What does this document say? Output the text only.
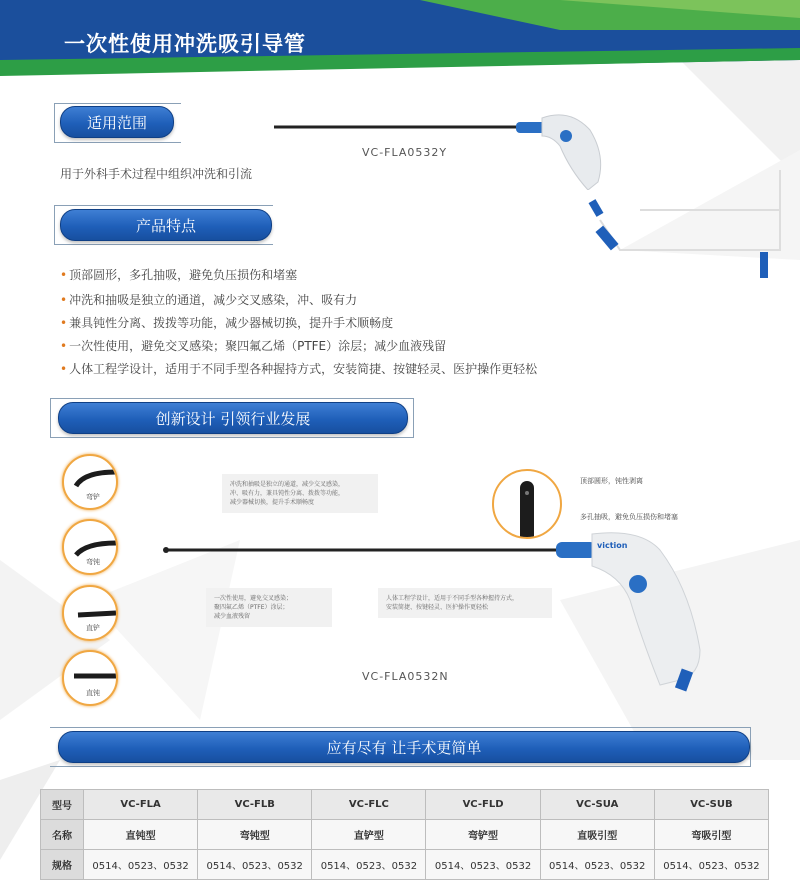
一次性使用冲洗吸引导管
适用范围
用于外科手术过程中组织冲洗和引流
VC-FLA0532Y
产品特点
• 顶部圆形，多孔抽吸，避免负压损伤和堵塞
• 冲洗和抽吸是独立的通道，减少交叉感染，冲、吸有力
• 兼具钝性分离、拨拨等功能，减少器械切换，提升手术顺畅度
• 一次性使用，避免交叉感染；聚四氟乙烯（PTFE）涂层；减少血液残留
• 人体工程学设计，适用于不同手型各种握持方式，安装简捷、按键轻灵、医护操作更轻松
创新设计 引领行业发展
弯铲
弯钝
直铲
直钝
冲洗和抽吸是独立的通道，减少交叉感染，
冲、吸有力，兼具钝性分离、拨拨等功能，
减少器械切换，提升手术顺畅度
一次性使用，避免交叉感染；
聚四氟乙烯（PTFE）涂层；
减少血液残留
人体工程学设计，适用于不同手型各种握持方式，
安装简捷、按键轻灵、医护操作更轻松
顶部圆形，钝性剥离
多孔抽吸，避免负压损伤和堵塞
viction
VC-FLA0532N
应有尽有 让手术更简单
型号	VC-FLA	VC-FLB	VC-FLC	VC-FLD	VC-SUA	VC-SUB
名称	直钝型	弯钝型	直铲型	弯铲型	直吸引型	弯吸引型
规格	0514、0523、0532	0514、0523、0532	0514、0523、0532	0514、0523、0532	0514、0523、0532	0514、0523、0532
